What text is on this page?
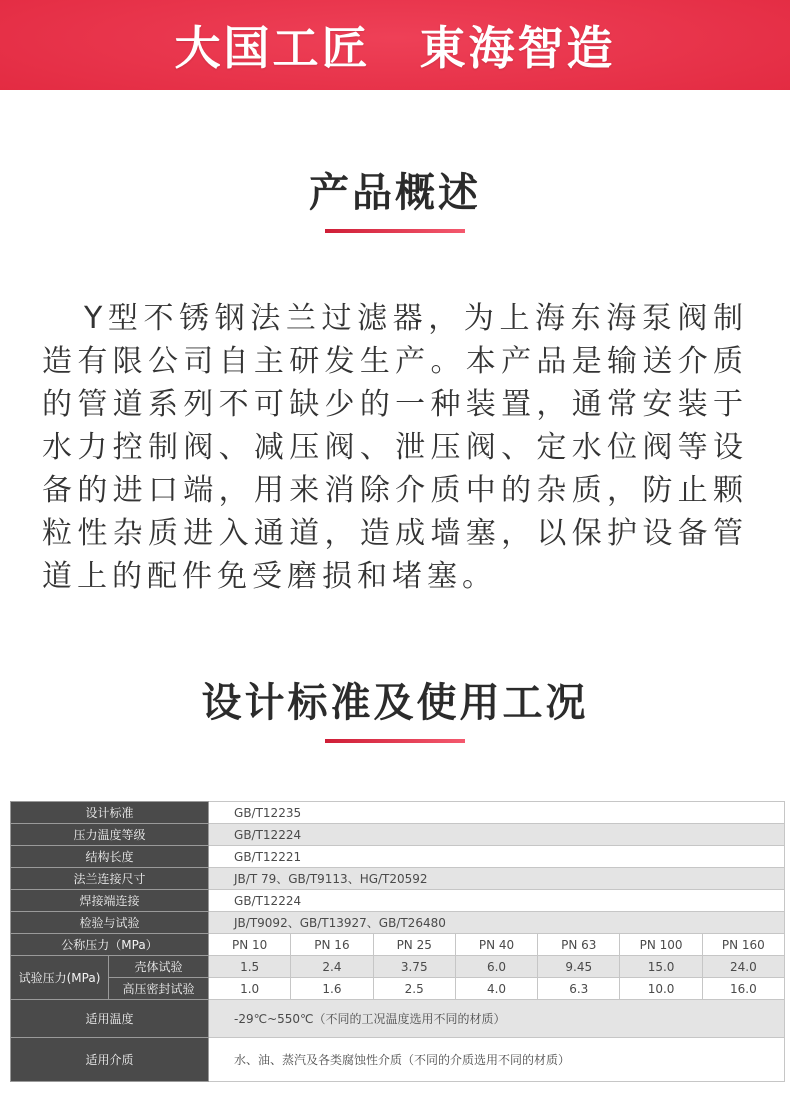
大国工匠　東海智造
产品概述

Y型不锈钢法兰过滤器，为上海东海泵阀制造有限公司自主研发生产。本产品是输送介质的管道系列不可缺少的一种装置，通常安装于水力控制阀、减压阀、泄压阀、定水位阀等设备的进口端，用来消除介质中的杂质，防止颗粒性杂质进入通道，造成墙塞，以保护设备管道上的配件免受磨损和堵塞。

设计标准及使用工况
设计标准		GB/T12235						
压力温度等级		GB/T12224						
结构长度		GB/T12221						
法兰连接尺寸		JB/T 79、GB/T9113、HG/T20592						
焊接端连接		GB/T12224						
检验与试验		JB/T9092、GB/T13927、GB/T26480						
公称压力（MPa）		PN 10	PN 16	PN 25	PN 40	PN 63	PN 100	PN 160
试验压力(MPa)	壳体试验	1.5	2.4	3.75	6.0	9.45	15.0	24.0
	高压密封试验	1.0	1.6	2.5	4.0	6.3	10.0	16.0
适用温度		-29℃~550℃（不同的工况温度选用不同的材质）						
适用介质		水、油、蒸汽及各类腐蚀性介质（不同的介质选用不同的材质）						
